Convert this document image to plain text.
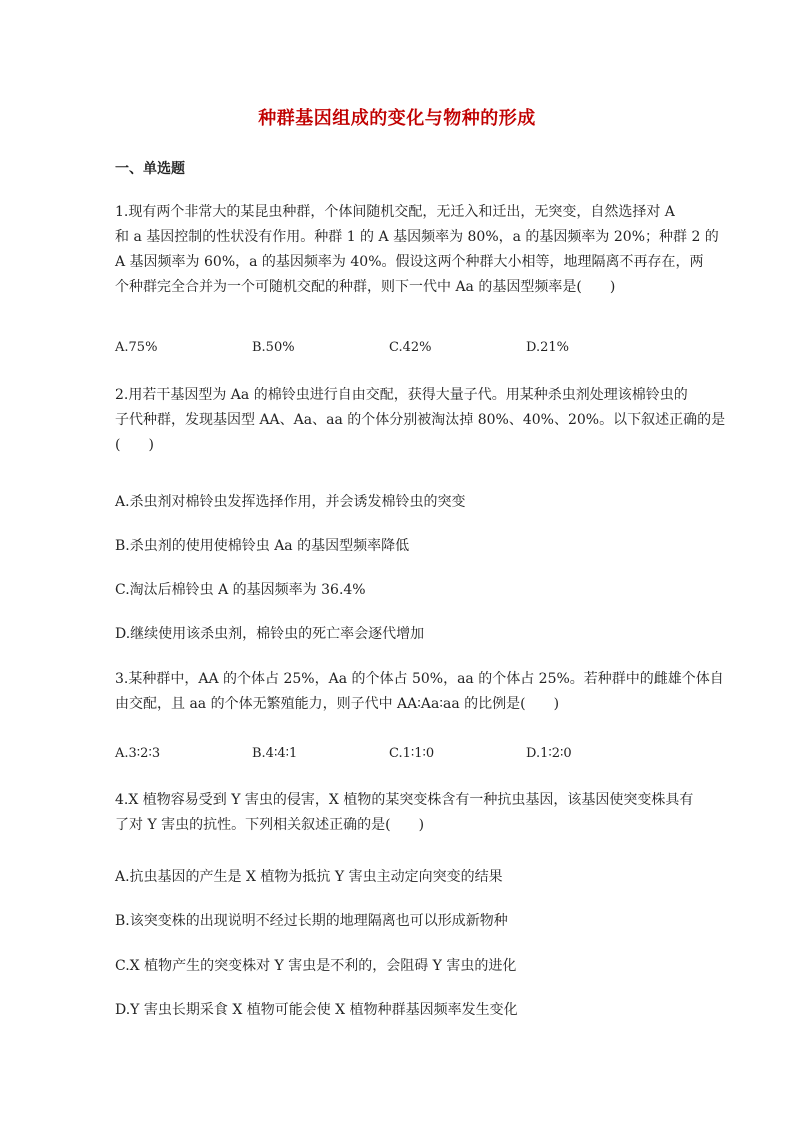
种群基因组成的变化与物种的形成
一、单选题
1.现有两个非常大的某昆虫种群，个体间随机交配，无迁入和迁出，无突变，自然选择对 A
和 a 基因控制的性状没有作用。种群 1 的 A 基因频率为 80%，a 的基因频率为 20%；种群 2 的
A 基因频率为 60%，a 的基因频率为 40%。假设这两个种群大小相等，地理隔离不再存在，两
个种群完全合并为一个可随机交配的种群，则下一代中 Aa 的基因型频率是(　　)
A.75%	B.50%	C.42%	D.21%
2.用若干基因型为 Aa 的棉铃虫进行自由交配，获得大量子代。用某种杀虫剂处理该棉铃虫的
子代种群，发现基因型 AA、Aa、aa 的个体分别被淘汰掉 80%、40%、20%。以下叙述正确的是
(　　)
A.杀虫剂对棉铃虫发挥选择作用，并会诱发棉铃虫的突变
B.杀虫剂的使用使棉铃虫 Aa 的基因型频率降低
C.淘汰后棉铃虫 A 的基因频率为 36.4%
D.继续使用该杀虫剂，棉铃虫的死亡率会逐代增加
3.某种群中，AA 的个体占 25%，Aa 的个体占 50%，aa 的个体占 25%。若种群中的雌雄个体自
由交配，且 aa 的个体无繁殖能力，则子代中 AA∶Aa∶aa 的比例是(　　)
A.3∶2∶3	B.4∶4∶1	C.1∶1∶0	D.1∶2∶0
4.X 植物容易受到 Y 害虫的侵害，X 植物的某突变株含有一种抗虫基因，该基因使突变株具有
了对 Y 害虫的抗性。下列相关叙述正确的是(　　)
A.抗虫基因的产生是 X 植物为抵抗 Y 害虫主动定向突变的结果
B.该突变株的出现说明不经过长期的地理隔离也可以形成新物种
C.X 植物产生的突变株对 Y 害虫是不利的，会阻碍 Y 害虫的进化
D.Y 害虫长期采食 X 植物可能会使 X 植物种群基因频率发生变化
